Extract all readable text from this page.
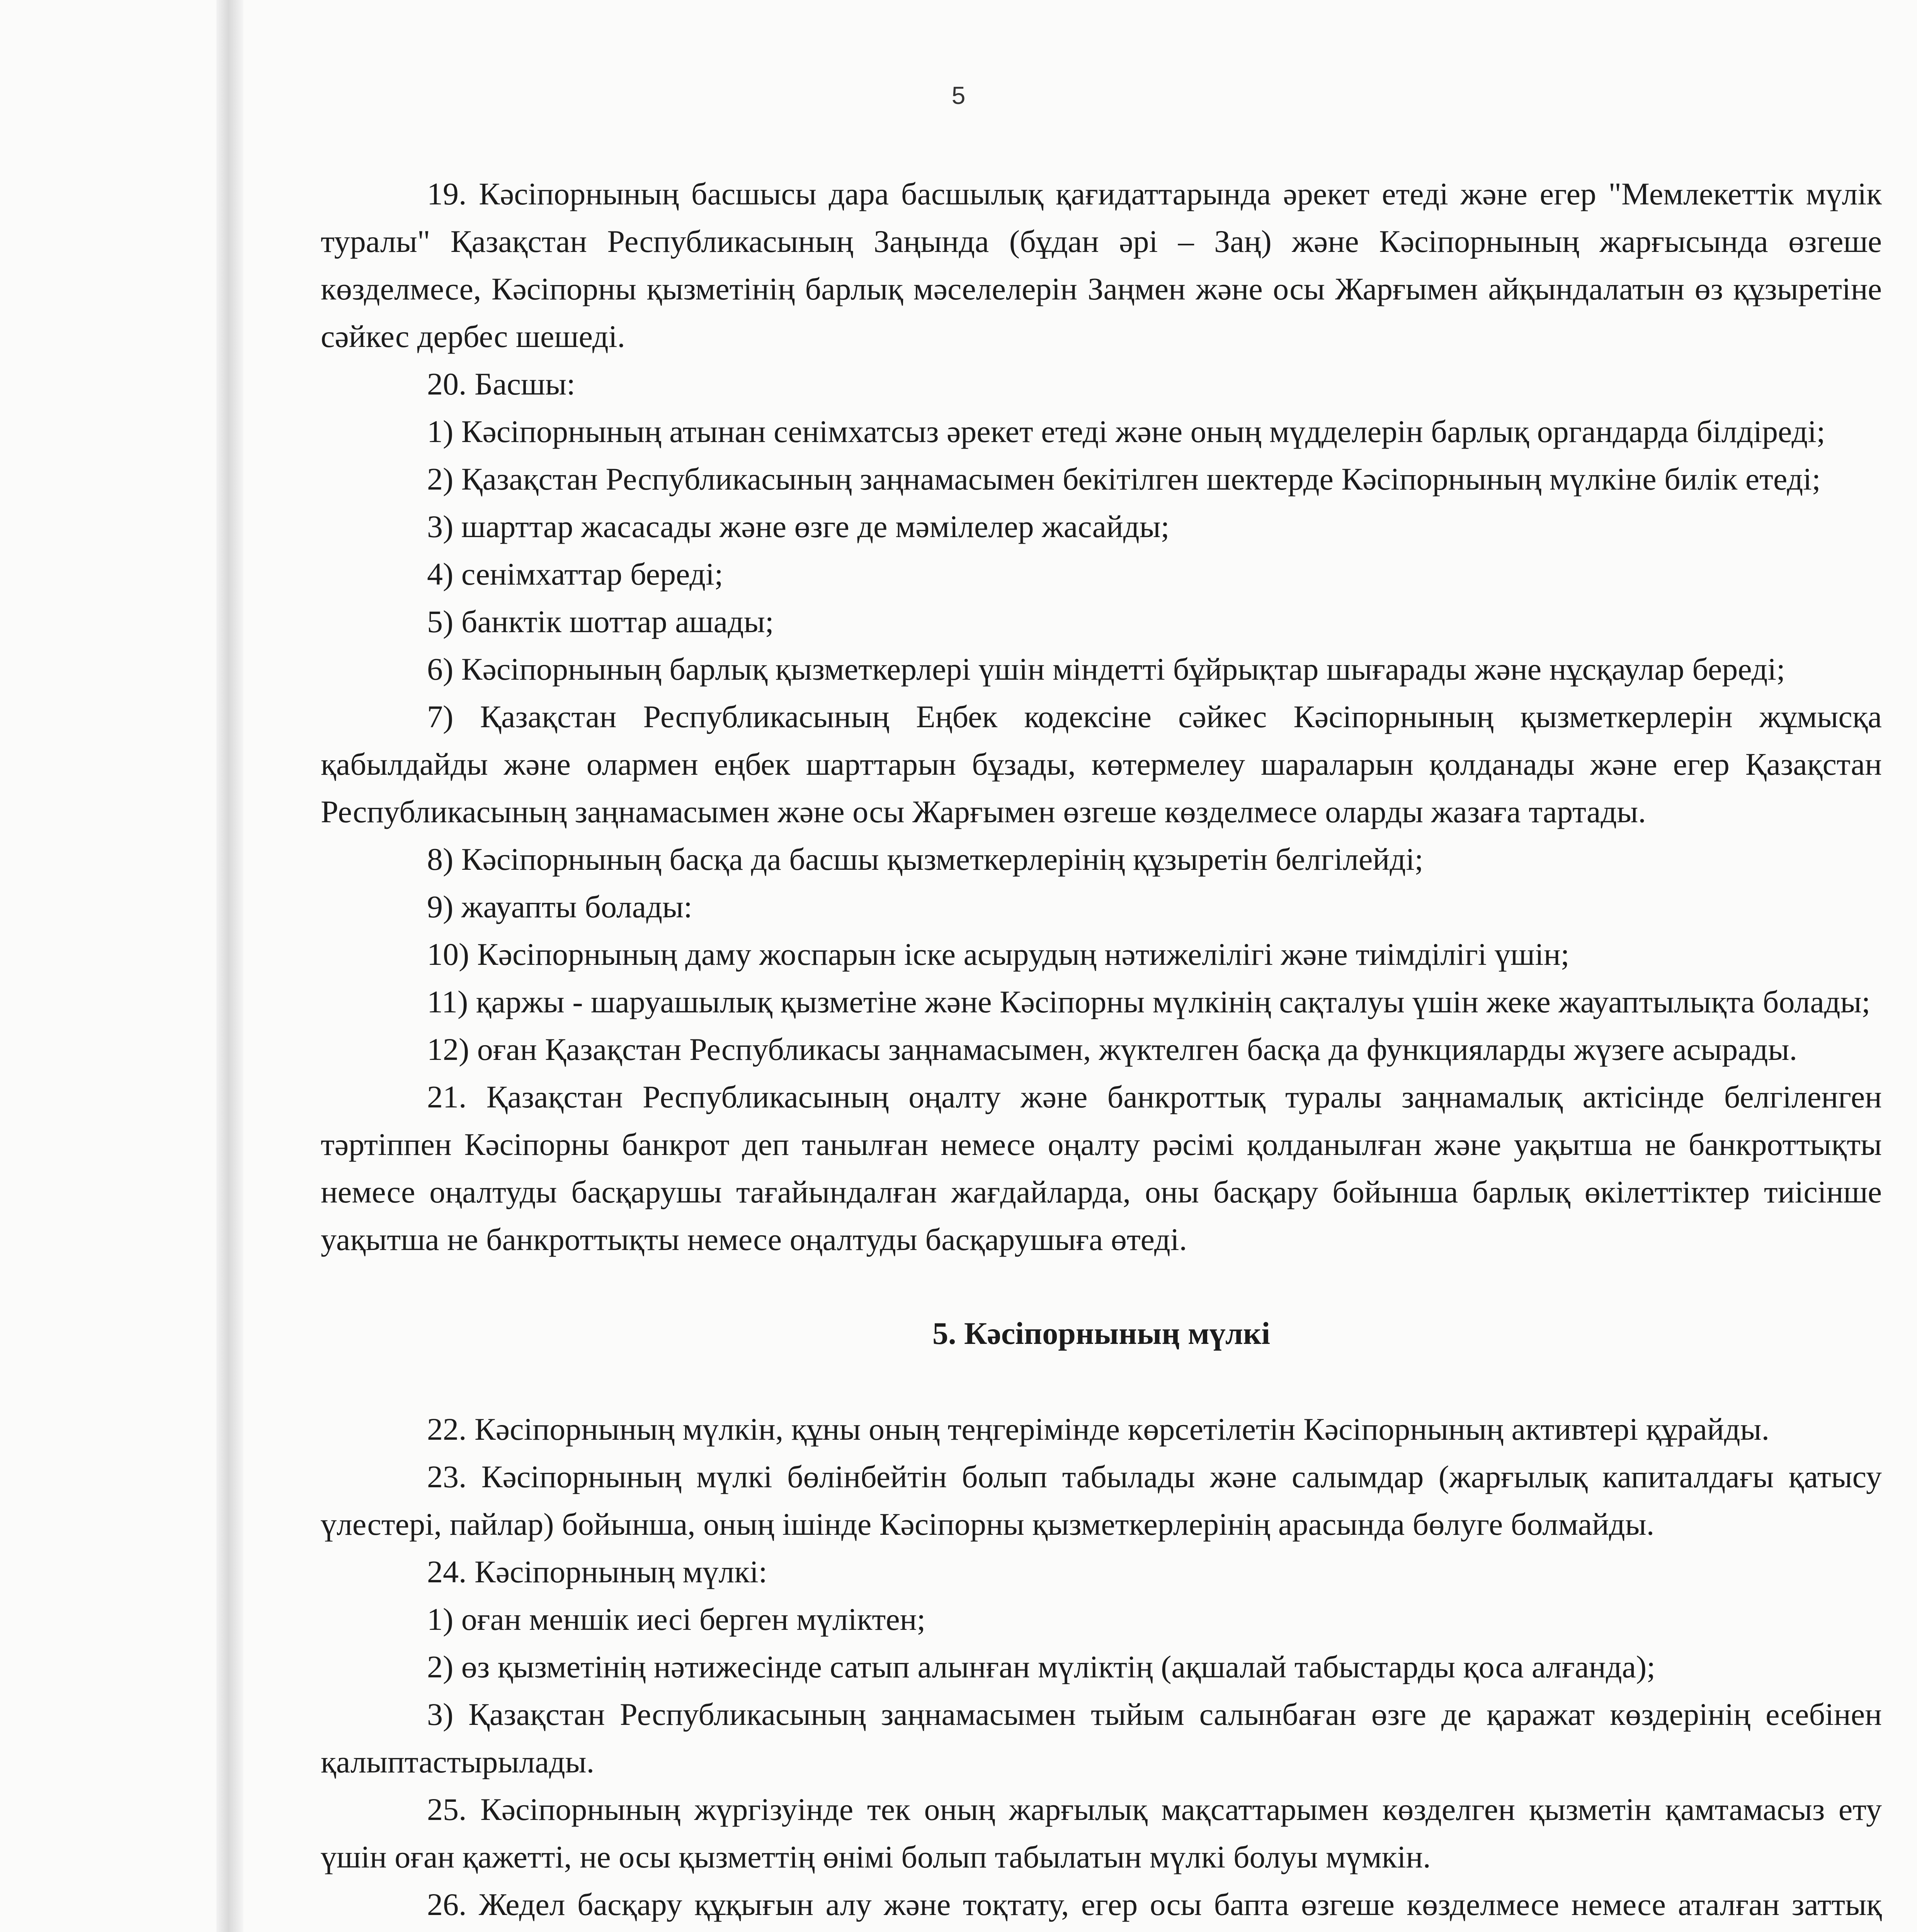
5

19. Кәсіпорнының басшысы дара басшылық қағидаттарында әрекет етеді және егер "Мемлекеттік мүлік туралы" Қазақстан Республикасының Заңында (бұдан әрі – Заң) және Кәсіпорнының жарғысында өзгеше көзделмесе, Кәсіпорны қызметінің барлық мәселелерін Заңмен және осы Жарғымен айқындалатын өз құзыретіне сәйкес дербес шешеді.

20. Басшы:

1) Кәсіпорнының атынан сенімхатсыз әрекет етеді және оның мүдделерін барлық органдарда білдіреді;

2) Қазақстан Республикасының заңнамасымен бекітілген шектерде Кәсіпорнының мүлкіне билік етеді;

3) шарттар жасасады және өзге де мәмілелер жасайды;

4) сенімхаттар береді;

5) банктік шоттар ашады;

6) Кәсіпорнының барлық қызметкерлері үшін міндетті бұйрықтар шығарады және нұсқаулар береді;

7) Қазақстан Республикасының Еңбек кодексіне сәйкес Кәсіпорнының қызметкерлерін жұмысқа қабылдайды және олармен еңбек шарттарын бұзады, көтермелеу шараларын қолданады және егер Қазақстан Республикасының заңнамасымен және осы Жарғымен өзгеше көзделмесе оларды жазаға тартады.

8) Кәсіпорнының басқа да басшы қызметкерлерінің құзыретін белгілейді;

9) жауапты болады:

10) Кәсіпорнының даму жоспарын іске асырудың нәтижелілігі және тиімділігі үшін;

11) қаржы - шаруашылық қызметіне және Кәсіпорны мүлкінің сақталуы үшін жеке жауаптылықта болады;

12) оған Қазақстан Республикасы заңнамасымен, жүктелген басқа да функцияларды жүзеге асырады.

21. Қазақстан Республикасының оңалту және банкроттық туралы заңнамалық актісінде белгіленген тәртіппен Кәсіпорны банкрот деп танылған немесе оңалту рәсімі қолданылған және уақытша не банкроттықты немесе оңалтуды басқарушы тағайындалған жағдайларда, оны басқару бойынша барлық өкілеттіктер тиісінше уақытша не банкроттықты немесе оңалтуды басқарушыға өтеді.

5. Кәсіпорнының мүлкі

22. Кәсіпорнының мүлкін, құны оның теңгерімінде көрсетілетін Кәсіпорнының активтері құрайды.

23. Кәсіпорнының мүлкі бөлінбейтін болып табылады және салымдар (жарғылық капиталдағы қатысу үлестері, пайлар) бойынша, оның ішінде Кәсіпорны қызметкерлерінің арасында бөлуге болмайды.

24. Кәсіпорнының мүлкі:

1) оған меншік иесі берген мүліктен;

2) өз қызметінің нәтижесінде сатып алынған мүліктің (ақшалай табыстарды қоса алғанда);

3) Қазақстан Республикасының заңнамасымен тыйым салынбаған өзге де қаражат көздерінің есебінен қалыптастырылады.

25. Кәсіпорнының жүргізуінде тек оның жарғылық мақсаттарымен көзделген қызметін қамтамасыз ету үшін оған қажетті, не осы қызметтің өнімі болып табылатын мүлкі болуы мүмкін.

26. Жедел басқару құқығын алу және тоқтату, егер осы бапта өзгеше көзделмесе немесе аталған заттық
